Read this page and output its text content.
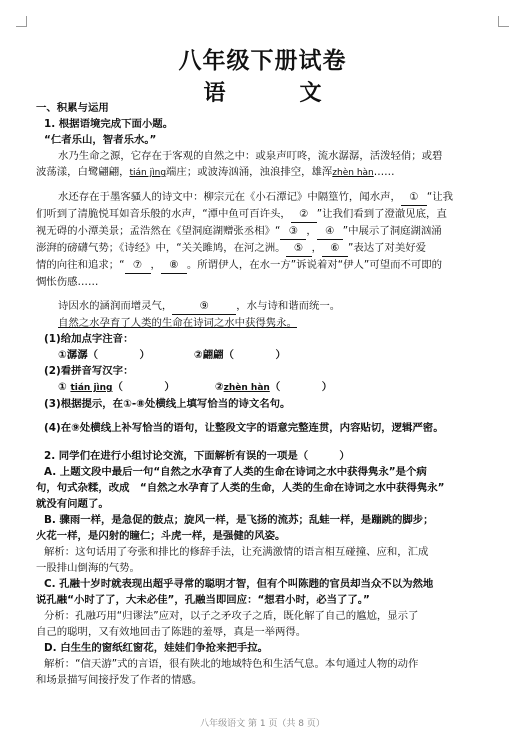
八年级下册试卷
语　文
一、积累与运用
1. 根据语境完成下面小题。
“仁者乐山，智者乐水。”
水乃生命之源，它存在于客观的自然之中：或泉声叮咚，流水潺潺，活泼轻俏；或碧
波荡漾，白鹭翩翩，tián jìng端庄；或波涛汹涌，浊浪排空，雄浑zhèn hàn……
水还存在于墨客骚人的诗文中：柳宗元在《小石潭记》中隔篁竹，闻水声， ① “让我
们听到了清脆悦耳如音乐般的水声，“潭中鱼可百许头， ② ”让我们看到了澄澈见底，直
视无碍的小潭美景；孟浩然在《望洞庭湖赠张丞相》“ ③ ， ④ ”中展示了洞庭湖汹涌
澎湃的磅礴气势；《诗经》中，“关关雎鸠，在河之洲。 ⑤ ， ⑥ ”表达了对美好爱
情的向往和追求；“ ⑦ ， ⑧ 。所谓伊人，在水一方”诉说着对“伊人”可望而不可即的
惆怅伤感……
诗因水的涵润而增灵气，	⑨	，水与诗和谐而统一。
自然之水孕育了人类的生命在诗词之水中获得隽永。
(1)给加点字注音：
①潺潺（　　　　）	②翩翩（　　　　）
(2)看拼音写汉字：
① tián jìng（　　　　）	②zhèn hàn（　　　　）
(3)根据提示，在①-⑧处横线上填写恰当的诗文名句。
(4)在⑨处横线上补写恰当的语句，让整段文字的语意完整连贯，内容贴切，逻辑严密。
2. 同学们在进行小组讨论交流，下面解析有误的一项是（　　　）
A. 上题文段中最后一句“自然之水孕育了人类的生命在诗词之水中获得隽永”是个病
句，句式杂糅，改成　“自然之水孕育了人类的生命，人类的生命在诗词之水中获得隽永”
就没有问题了。
B. 骤雨一样，是急促的鼓点；旋风一样，是飞扬的流苏；乱蛙一样，是蹦跳的脚步；
火花一样，是闪射的瞳仁；斗虎一样，是强健的风姿。
解析：这句话用了夸张和排比的修辞手法，让充满激情的语言相互碰撞、应和，汇成
一股排山倒海的气势。
C. 孔融十岁时就表现出超乎寻常的聪明才智，但有个叫陈韪的官员却当众不以为然地
说孔融“小时了了，大未必佳”，孔融当即回应：“想君小时，必当了了。”
分析：孔融巧用“归谬法”应对，以子之矛攻子之盾，既化解了自己的尴尬，显示了
自己的聪明，又有效地回击了陈韪的羞辱，真是一举两得。
D. 白生生的窗纸红窗花，娃娃们争抢来把手拉。
解析：“信天游”式的言语，很有陕北的地域特色和生活气息。本句通过人物的动作
和场景描写间接抒发了作者的情感。
八年级语文 第 1 页（共 8 页）
